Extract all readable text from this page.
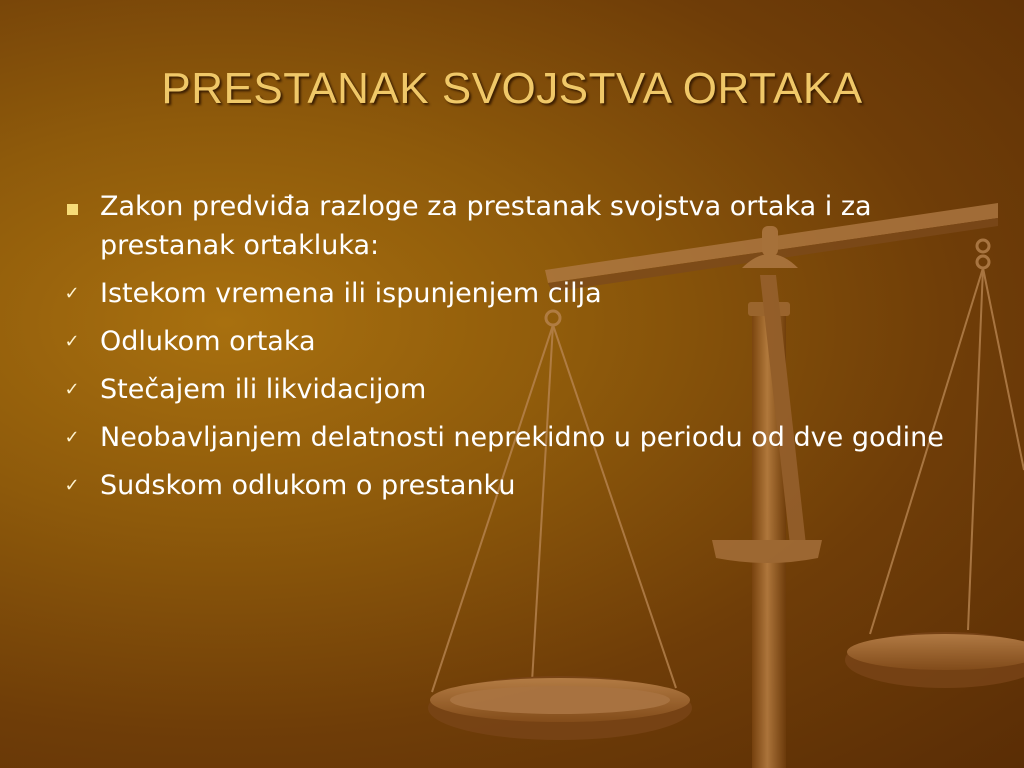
PRESTANAK SVOJSTVA ORTAKA
Zakon predviđa razloge za prestanak svojstva ortaka i za prestanak ortakluka:
✓ Istekom vremena ili ispunjenjem cilja
✓ Odlukom ortaka
✓ Stečajem ili likvidacijom
✓ Neobavljanjem delatnosti neprekidno u periodu od dve godine
✓ Sudskom odlukom o prestanku
